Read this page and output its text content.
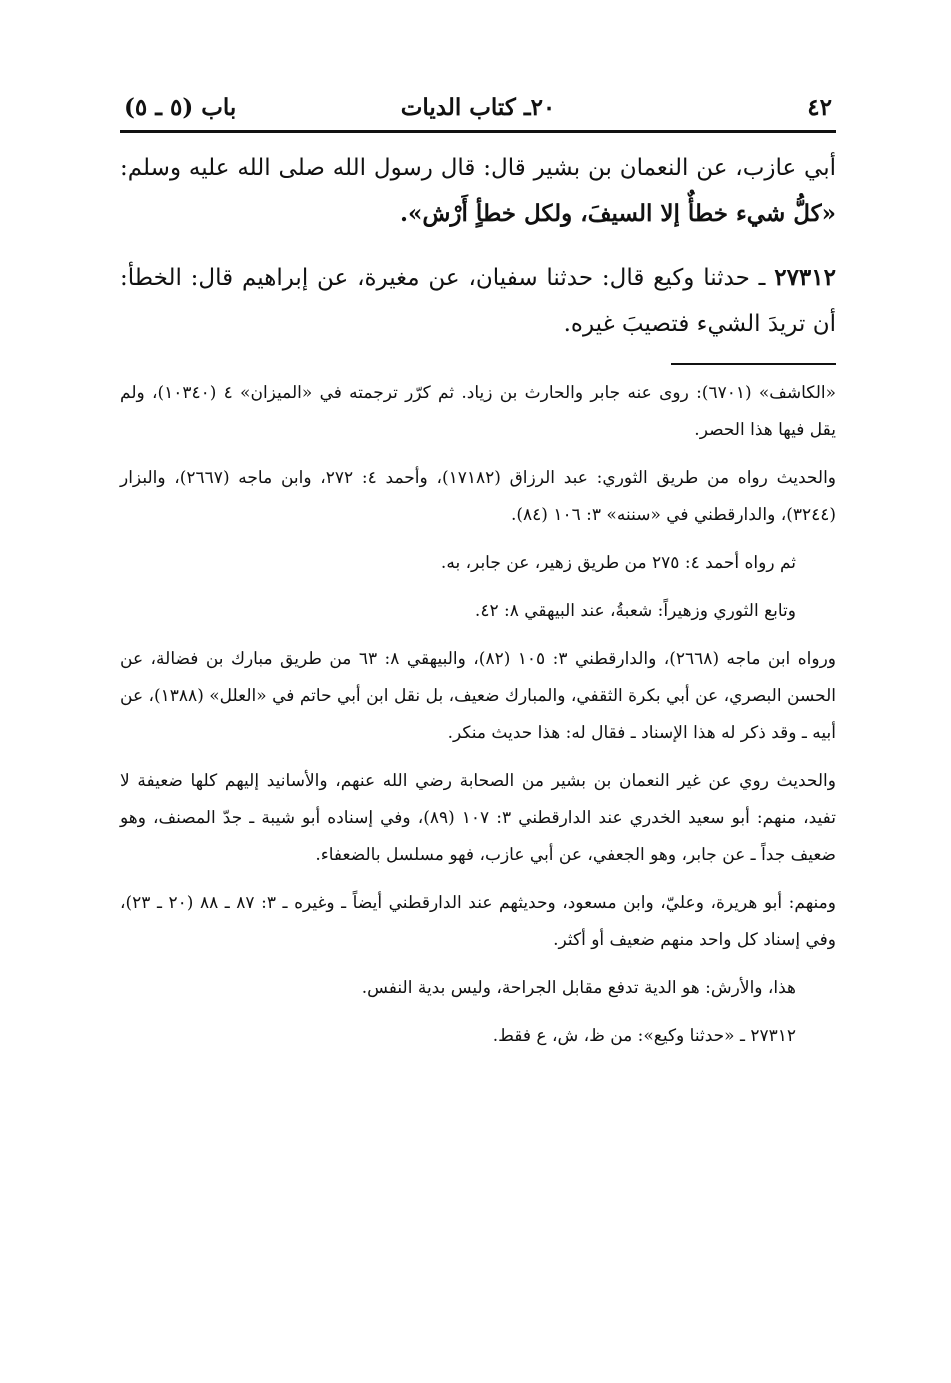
٤٢
٢٠ـ كتاب الديات
باب (٥ ـ ٥)

أبي عازب، عن النعمان بن بشير قال: قال رسول الله صلى الله عليه وسلم: «كلُّ شيء خطأٌ إلا السيفَ، ولكل خطأٍ أَرْش».

٢٧٣١٢ ـ حدثنا وكيع قال: حدثنا سفيان، عن مغيرة، عن إبراهيم قال: الخطأ: أن تريدَ الشيء فتصيبَ غيره.

«الكاشف» (٦٧٠١): روى عنه جابر والحارث بن زياد. ثم كرّر ترجمته في «الميزان» ٤ (١٠٣٤٠)، ولم يقل فيها هذا الحصر.

والحديث رواه من طريق الثوري: عبد الرزاق (١٧١٨٢)، وأحمد ٤: ٢٧٢، وابن ماجه (٢٦٦٧)، والبزار (٣٢٤٤)، والدارقطني في «سننه» ٣: ١٠٦ (٨٤).

ثم رواه أحمد ٤: ٢٧٥ من طريق زهير، عن جابر، به.

وتابع الثوري وزهيراً: شعبةُ، عند البيهقي ٨: ٤٢.

ورواه ابن ماجه (٢٦٦٨)، والدارقطني ٣: ١٠٥ (٨٢)، والبيهقي ٨: ٦٣ من طريق مبارك بن فضالة، عن الحسن البصري، عن أبي بكرة الثقفي، والمبارك ضعيف، بل نقل ابن أبي حاتم في «العلل» (١٣٨٨)، عن أبيه ـ وقد ذكر له هذا الإسناد ـ فقال له: هذا حديث منكر.

والحديث روي عن غير النعمان بن بشير من الصحابة رضي الله عنهم، والأسانيد إليهم كلها ضعيفة لا تفيد، منهم: أبو سعيد الخدري عند الدارقطني ٣: ١٠٧ (٨٩)، وفي إسناده أبو شيبة ـ جدّ المصنف، وهو ضعيف جداً ـ عن جابر، وهو الجعفي، عن أبي عازب، فهو مسلسل بالضعفاء.

ومنهم: أبو هريرة، وعليّ، وابن مسعود، وحديثهم عند الدارقطني أيضاً ـ وغيره ـ ٣: ٨٧ ـ ٨٨ (٢٠ ـ ٢٣)، وفي إسناد كل واحد منهم ضعيف أو أكثر.

هذا، والأرش: هو الدية تدفع مقابل الجراحة، وليس بدية النفس.

٢٧٣١٢ ـ «حدثنا وكيع»: من ظ، ش، ع فقط.
